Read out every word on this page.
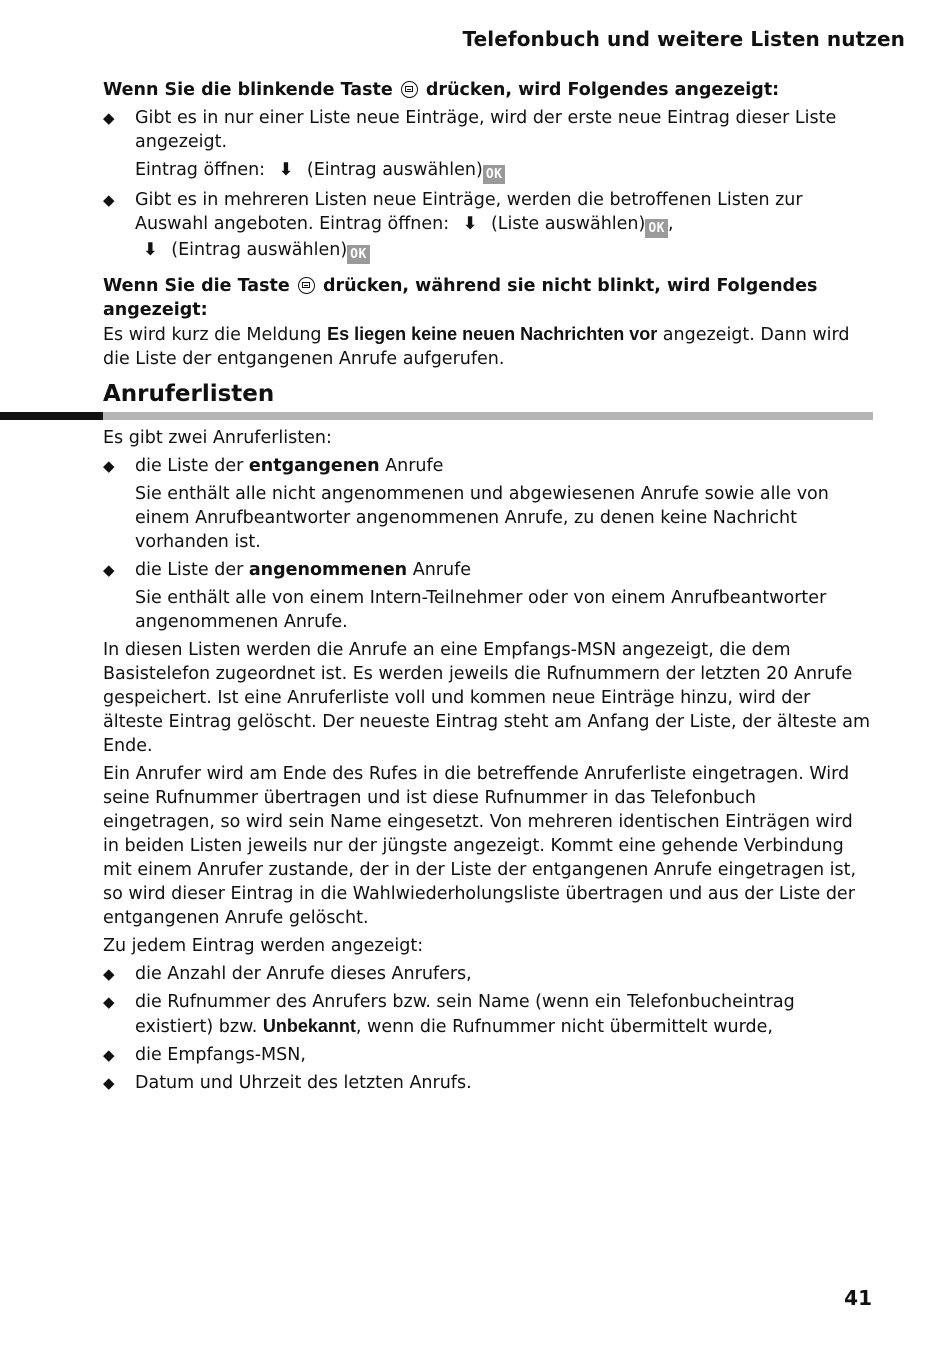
Telefonbuch und weitere Listen nutzen

Wenn Sie die blinkende Taste drücken, wird Folgendes angezeigt:

◆	Gibt es in nur einer Liste neue Einträge, wird der erste neue Eintrag dieser Liste angezeigt.
Eintrag öffnen: ⬇ (Eintrag auswählen) OK
◆	Gibt es in mehreren Listen neue Einträge, werden die betroffenen Listen zur Auswahl angeboten. Eintrag öffnen: ⬇ (Liste auswählen) OK ,
⬇ (Eintrag auswählen) OK

Wenn Sie die Taste drücken, während sie nicht blinkt, wird Folgendes angezeigt:

Es wird kurz die Meldung Es liegen keine neuen Nachrichten vor angezeigt. Dann wird die Liste der entgangenen Anrufe aufgerufen.

Anruferlisten

Es gibt zwei Anruferlisten:

◆	die Liste der entgangenen Anrufe
Sie enthält alle nicht angenommenen und abgewiesenen Anrufe sowie alle von einem Anrufbeantworter angenommenen Anrufe, zu denen keine Nachricht vorhanden ist.
◆	die Liste der angenommenen Anrufe
Sie enthält alle von einem Intern-Teilnehmer oder von einem Anrufbeantworter angenommenen Anrufe.

In diesen Listen werden die Anrufe an eine Empfangs-MSN angezeigt, die dem Basistelefon zugeordnet ist. Es werden jeweils die Rufnummern der letzten 20 Anrufe gespeichert. Ist eine Anruferliste voll und kommen neue Einträge hinzu, wird der älteste Eintrag gelöscht. Der neueste Eintrag steht am Anfang der Liste, der älteste am Ende.

Ein Anrufer wird am Ende des Rufes in die betreffende Anruferliste eingetragen. Wird seine Rufnummer übertragen und ist diese Rufnummer in das Telefonbuch eingetragen, so wird sein Name eingesetzt. Von mehreren identischen Einträgen wird in beiden Listen jeweils nur der jüngste angezeigt. Kommt eine gehende Verbindung mit einem Anrufer zustande, der in der Liste der entgangenen Anrufe eingetragen ist, so wird dieser Eintrag in die Wahlwiederholungsliste übertragen und aus der Liste der entgangenen Anrufe gelöscht.

Zu jedem Eintrag werden angezeigt:

◆	die Anzahl der Anrufe dieses Anrufers,
◆	die Rufnummer des Anrufers bzw. sein Name (wenn ein Telefonbucheintrag existiert) bzw. Unbekannt, wenn die Rufnummer nicht übermittelt wurde,
◆	die Empfangs-MSN,
◆	Datum und Uhrzeit des letzten Anrufs.
41
